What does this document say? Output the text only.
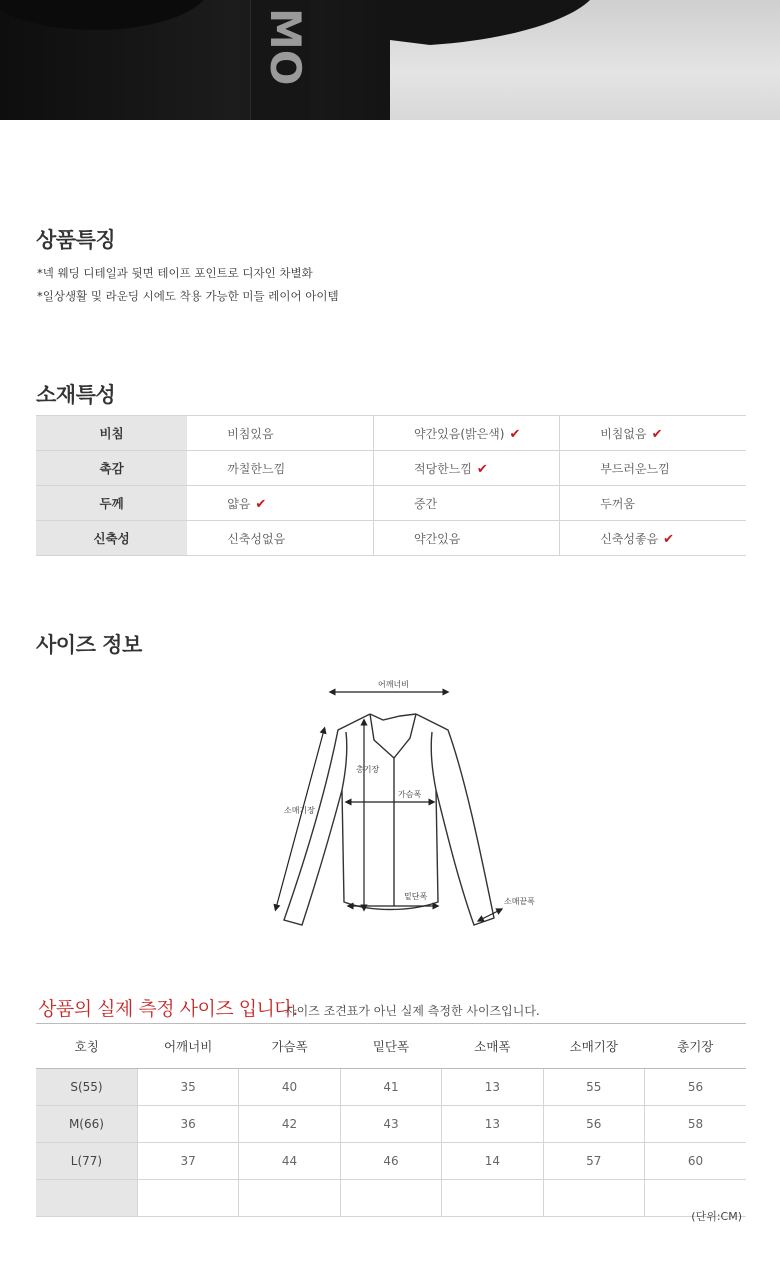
MO
상품특징
*넥 웨딩 디테일과 뒷면 테이프 포인트로 디자인 차별화
*일상생활 및 라운딩 시에도 착용 가능한 미들 레이어 아이템
소재특성
비침	비침있음	약간있음(밝은색) ✔	비침없음 ✔
촉감	까칠한느낌	적당한느낌 ✔	부드러운느낌
두께	얇음 ✔	중간	두꺼움
신축성	신축성없음	약간있음	신축성좋음 ✔
사이즈 정보
어깨너비
총기장
가슴폭
소매기장
밑단폭
소매끝폭
상품의 실제 측정 사이즈 입니다.
사이즈 조견표가 아닌 실제 측정한 사이즈입니다.
호칭	어깨너비	가슴폭	밑단폭	소매폭	소매기장	총기장
S(55)	35	40	41	13	55	56
M(66)	36	42	43	13	56	58
L(77)	37	44	46	14	57	60

(단위:CM)
